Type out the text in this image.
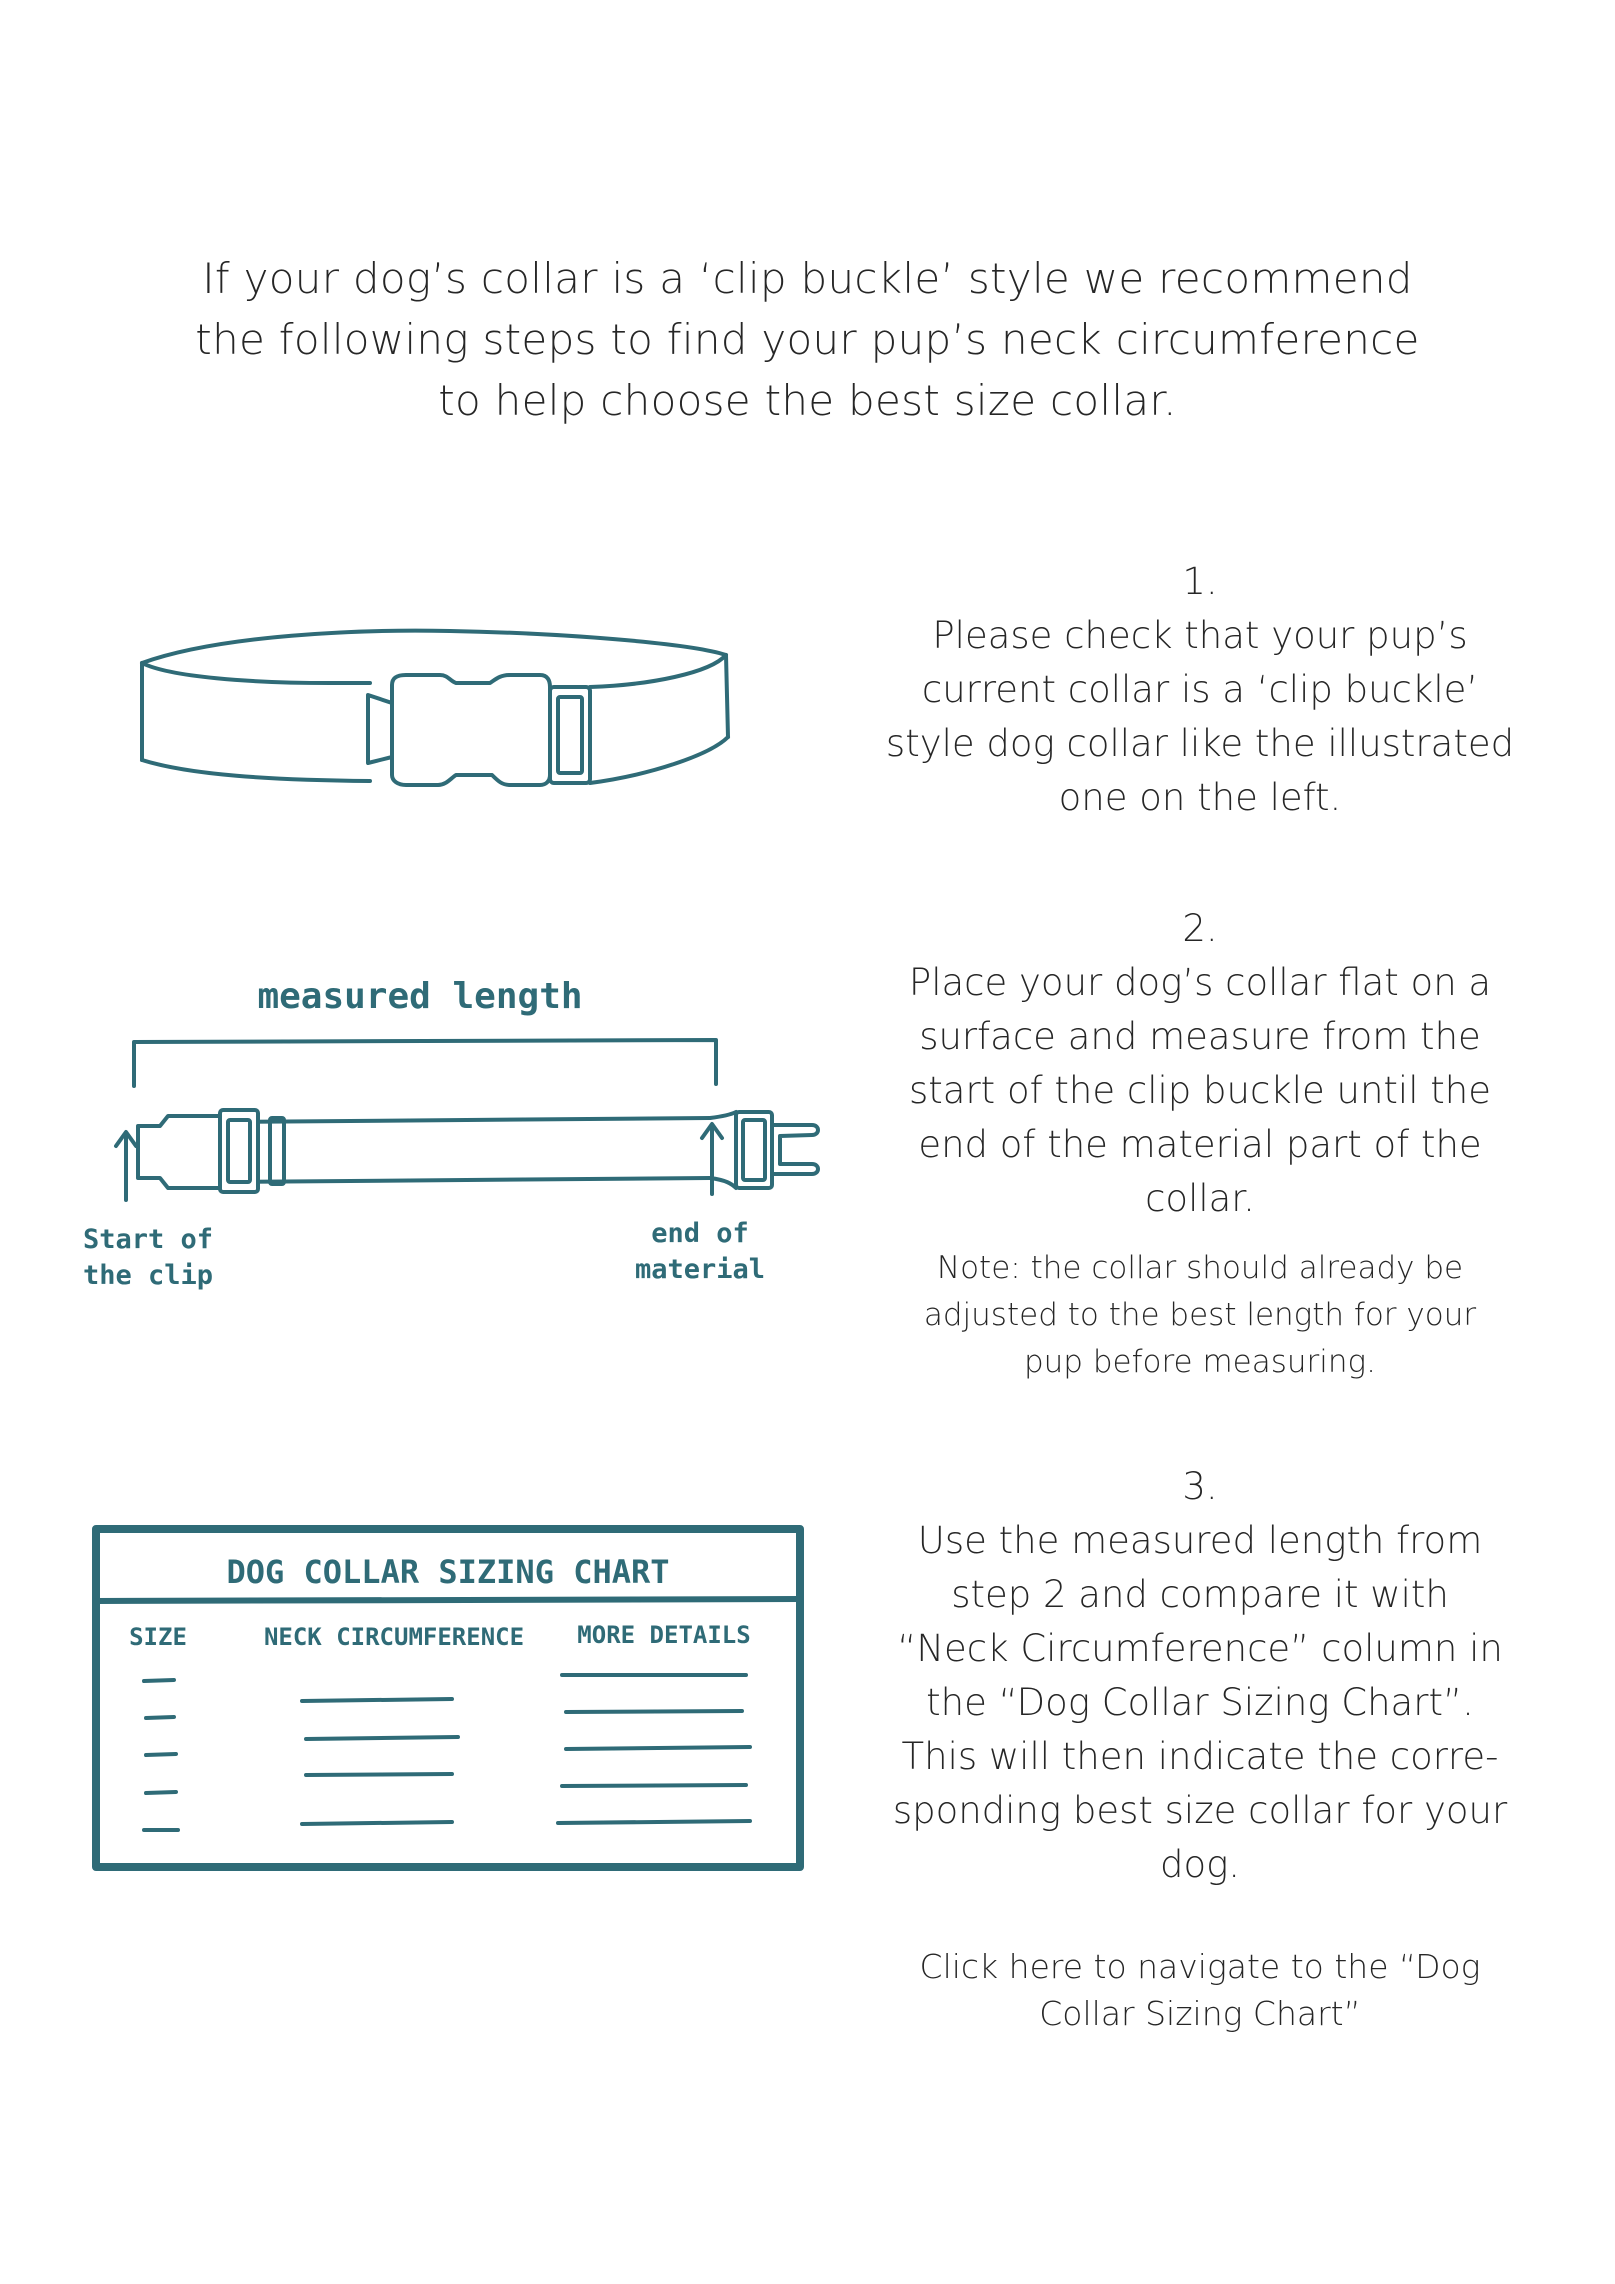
If your dog’s collar is a ‘clip buckle’ style we recommend
the following steps to find your pup’s neck circumference
to help choose the best size collar.
1.
Please check that your pup’s
current collar is a ‘clip buckle’
style dog collar like the illustrated
one on the left.
measured length
Start of
the clip
end of
material
2.
Place your dog’s collar flat on a
surface and measure from the
start of the clip buckle until the
end of the material part of the
collar.
Note: the collar should already be
adjusted to the best length for your
pup before measuring.
DOG COLLAR SIZING CHART
SIZE	NECK CIRCUMFERENCE MORE DETAILS
3.
Use the measured length from
step 2 and compare it with
“Neck Circumference” column in
the “Dog Collar Sizing Chart”.
This will then indicate the corre-
sponding best size collar for your
dog.
Click here to navigate to the “Dog
Collar Sizing Chart”
